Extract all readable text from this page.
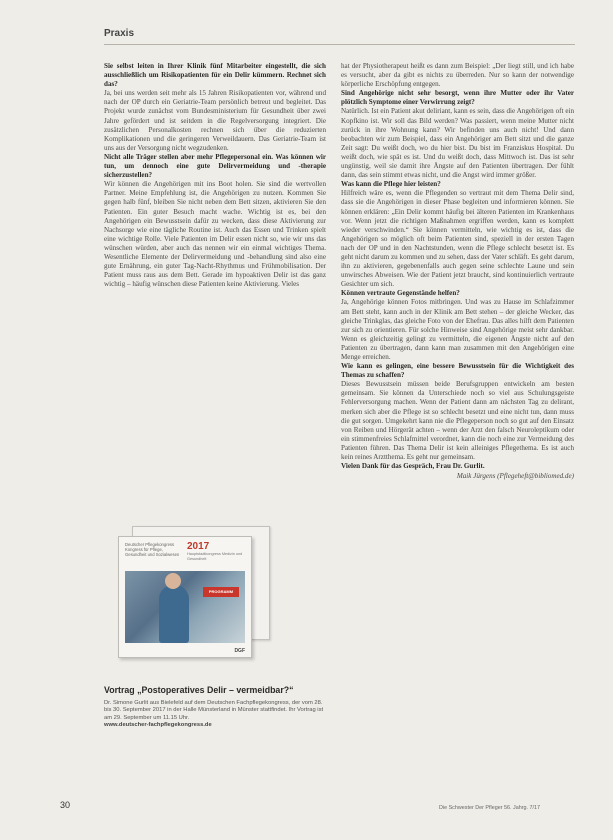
Praxis

Sie selbst leiten in Ihrer Klinik fünf Mitarbeiter eingestellt, die sich ausschließlich um Risikopatienten für ein Delir kümmern. Rechnet sich das?

Ja, bei uns werden seit mehr als 15 Jahren Risikopatienten vor, während und nach der OP durch ein Geriatrie-Team persönlich betreut und begleitet. Das Projekt wurde zunächst vom Bundesministerium für Gesundheit über zwei Jahre gefördert und ist seitdem in die Regelversorgung integriert. Die zusätzlichen Personalkosten rechnen sich über die reduzierten Komplikationen und die geringeren Verweildauern. Das Geriatrie-Team ist uns aus der Versorgung nicht wegzudenken.

Nicht alle Träger stellen aber mehr Pflegepersonal ein. Was können wir tun, um dennoch eine gute Delirvermeidung und -therapie sicherzustellen?

Wir können die Angehörigen mit ins Boot holen. Sie sind die wertvollen Partner. Meine Empfehlung ist, die Angehörigen zu nutzen. Kommen Sie gegen halb fünf, bleiben Sie nicht neben dem Bett sitzen, aktivieren Sie den Patienten. Ein guter Besuch macht wache. Wichtig ist es, bei den Angehörigen ein Bewusstsein dafür zu wecken, dass diese Aktivierung zur Nachsorge wie eine tägliche Routine ist. Auch das Essen und Trinken spielt eine wichtige Rolle. Viele Patienten im Delir essen nicht so, wie wir uns das wünschen würden, aber auch das nennen wir ein einmal wichtiges Thema. Wesentliche Elemente der Delirvermeidung und -behandlung sind also eine gute Ernährung, ein guter Tag-Nacht-Rhythmus und Frühmobilisation. Der Patient muss raus aus dem Bett. Gerade im hypoaktiven Delir ist das ganz wichtig – häufig wünschen diese Patienten keine Aktivierung. Vieles

hat der Physiotherapeut heißt es dann zum Beispiel: „Der liegt still, und ich habe es versucht, aber da gibt es nichts zu überreden. Nur so kann der notwendige körperliche Erschöpfung entgegen.

Sind Angehörige nicht sehr besorgt, wenn ihre Mutter oder ihr Vater plötzlich Symptome einer Verwirrung zeigt?

Natürlich. Ist ein Patient akut deliriant, kann es sein, dass die Angehörigen oft ein Kopfkino ist. Wir soll das Bild werden? Was passiert, wenn meine Mutter nicht zurück in ihre Wohnung kann? Wir befinden uns auch nicht! Und dann beobachten wir zum Beispiel, dass ein Angehöriger am Bett sitzt und die ganze Zeit sagt: Du weißt doch, wo du hier bist. Du bist im Franziskus Hospital. Du weißt doch, wie spät es ist. Und du weißt doch, dass Mittwoch ist. Das ist sehr ungünstig, weil sie damit ihre Ängste auf den Patienten übertragen. Der fühlt dann, das sein stimmt etwas nicht, und die Angst wird immer größer.

Was kann die Pflege hier leisten?

Hilfreich wäre es, wenn die Pflegenden so vertraut mit dem Thema Delir sind, dass sie die Angehörigen in dieser Phase begleiten und informieren können. Sie können erklären: „Ein Delir kommt häufig bei älteren Patienten im Krankenhaus vor. Wenn jetzt die richtigen Maßnahmen ergriffen werden, kann es komplett wieder verschwinden.“ Sie können vermitteln, wie wichtig es ist, dass die Angehörigen so möglich oft beim Patienten sind, speziell in der ersten Tagen nach der OP und in den Nachtstunden, wenn die Pflege schlecht besetzt ist. Es geht nicht darum zu kommen und zu sehen, dass der Vater schläft. Es geht darum, ihn zu aktivieren, gegebenenfalls auch gegen seine schlechte Laune und sein unwirsches Abweisen. Wie der Patient jetzt braucht, sind kontinuierlich vertraute Gesichter um sich.

Können vertraute Gegenstände helfen?

Ja, Angehörige können Fotos mitbringen. Und was zu Hause im Schlafzimmer am Bett steht, kann auch in der Klinik am Bett stehen – der gleiche Wecker, das gleiche Trinkglas, das gleiche Foto von der Ehefrau. Das alles hilft dem Patienten zur sich zu orientieren. Für solche Hinweise sind Angehörige meist sehr dankbar. Wenn es gleichzeitig gelingt zu vermitteln, die eigenen Ängste nicht auf den Patienten zu übertragen, dann kann man zusammen mit den Angehörigen eine Menge erreichen.

Wie kann es gelingen, eine bessere Bewusstsein für die Wichtigkeit des Themas zu schaffen?

Dieses Bewusstsein müssen beide Berufsgruppen entwickeln am besten gemeinsam. Sie können da Unterschiede noch so viel aus Schulungsgeiste Fehlerversorgung machen. Wenn der Patient dann am nächsten Tag zu delirant, merken sich aber die Pflege ist so schlecht besetzt und eine nicht tun, dann muss die gut sorgen. Umgekehrt kann nie die Pflegeperson noch so gut auf den Einsatz von Reiben und Hörgerät achten – wenn der Arzt den falsch Neuroleptikum oder ein stimmenfreies Schlafmittel verordnet, kann die noch eine zur Vermeidung des Patienten führen. Das Thema Delir ist kein alleiniges Pflegethema. Es ist auch kein reines Arztthema. Es geht nur gemeinsam.

Vielen Dank für das Gespräch, Frau Dr. Gurlit.

Maik Jürgens (Pflegeheft@bibliomed.de)

Deutscher Pflegekongress Kongress für Pflege, Gesundheit und Sozialwesen
2017
Hauptstadtkongress Medizin und Gesundheit
PROGRAMM
DGF
Vortrag „Postoperatives Delir – vermeidbar?“
Dr. Simone Gurlit aus Bielefeld auf dem Deutschen Fachpflegekongress, der vom 28. bis 30. September 2017 in der Halle Münsterland in Münster stattfindet. Ihr Vortrag ist am 29. September um 11.15 Uhr.
www.deutscher-fachpflegekongress.de
30	Die Schwester Der Pfleger 56. Jahrg. 7/17
